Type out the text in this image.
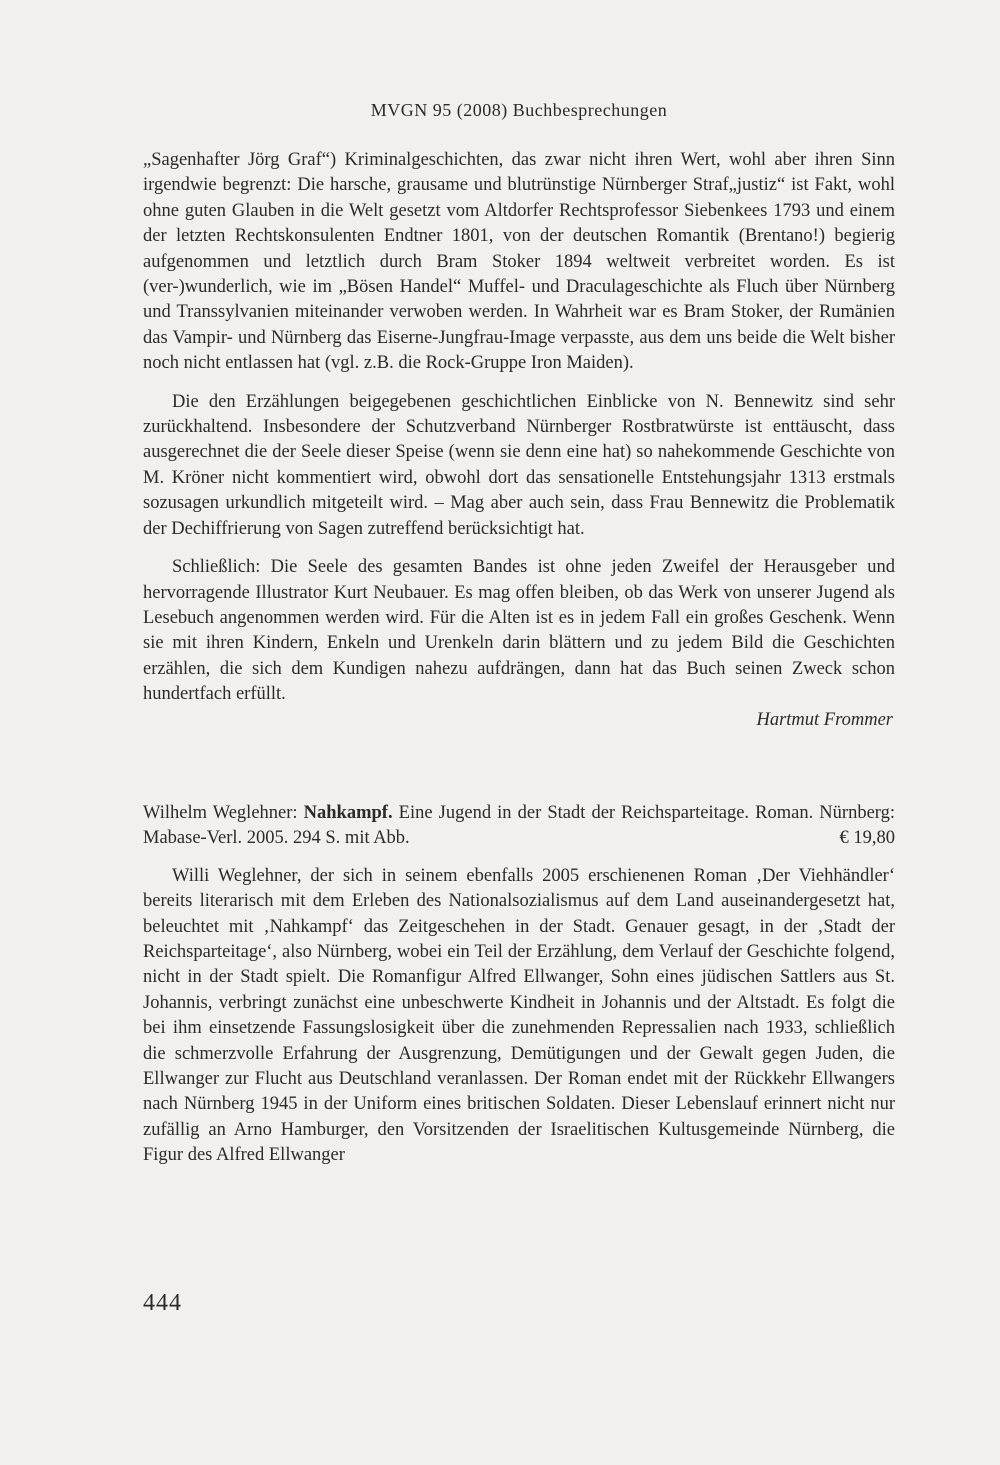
MVGN 95 (2008) Buchbesprechungen

„Sagenhafter Jörg Graf“) Kriminalgeschichten, das zwar nicht ihren Wert, wohl aber ihren Sinn irgendwie begrenzt: Die harsche, grausame und blutrünstige Nürnberger Straf„justiz“ ist Fakt, wohl ohne guten Glauben in die Welt gesetzt vom Altdorfer Rechtsprofessor Siebenkees 1793 und einem der letzten Rechtskonsulenten Endtner 1801, von der deutschen Romantik (Brentano!) begierig aufgenommen und letztlich durch Bram Stoker 1894 weltweit verbreitet worden. Es ist (ver-)wunderlich, wie im „Bösen Handel“ Muffel- und Draculageschichte als Fluch über Nürnberg und Transsylvanien miteinander verwoben werden. In Wahrheit war es Bram Stoker, der Rumänien das Vampir- und Nürnberg das Eiserne-Jungfrau-Image verpasste, aus dem uns beide die Welt bisher noch nicht entlassen hat (vgl. z.B. die Rock-Gruppe Iron Maiden).

Die den Erzählungen beigegebenen geschichtlichen Einblicke von N. Bennewitz sind sehr zurückhaltend. Insbesondere der Schutzverband Nürnberger Rostbratwürste ist enttäuscht, dass ausgerechnet die der Seele dieser Speise (wenn sie denn eine hat) so nahekommende Geschichte von M. Kröner nicht kommentiert wird, obwohl dort das sensationelle Entstehungsjahr 1313 erstmals sozusagen urkundlich mitgeteilt wird. – Mag aber auch sein, dass Frau Bennewitz die Problematik der Dechiffrierung von Sagen zutreffend berücksichtigt hat.

Schließlich: Die Seele des gesamten Bandes ist ohne jeden Zweifel der Herausgeber und hervorragende Illustrator Kurt Neubauer. Es mag offen bleiben, ob das Werk von unserer Jugend als Lesebuch angenommen werden wird. Für die Alten ist es in jedem Fall ein großes Geschenk. Wenn sie mit ihren Kindern, Enkeln und Urenkeln darin blättern und zu jedem Bild die Geschichten erzählen, die sich dem Kundigen nahezu aufdrängen, dann hat das Buch seinen Zweck schon hundertfach erfüllt.

Hartmut Frommer

Wilhelm Weglehner: Nahkampf. Eine Jugend in der Stadt der Reichsparteitage. Roman. Nürnberg: Mabase-Verl. 2005. 294 S. mit Abb.	€ 19,80

Willi Weglehner, der sich in seinem ebenfalls 2005 erschienenen Roman ‚Der Viehhändler‘ bereits literarisch mit dem Erleben des Nationalsozialismus auf dem Land auseinandergesetzt hat, beleuchtet mit ‚Nahkampf‘ das Zeitgeschehen in der Stadt. Genauer gesagt, in der ‚Stadt der Reichsparteitage‘, also Nürnberg, wobei ein Teil der Erzählung, dem Verlauf der Geschichte folgend, nicht in der Stadt spielt. Die Romanfigur Alfred Ellwanger, Sohn eines jüdischen Sattlers aus St. Johannis, verbringt zunächst eine unbeschwerte Kindheit in Johannis und der Altstadt. Es folgt die bei ihm einsetzende Fassungslosigkeit über die zunehmenden Repressalien nach 1933, schließlich die schmerzvolle Erfahrung der Ausgrenzung, Demütigungen und der Gewalt gegen Juden, die Ellwanger zur Flucht aus Deutschland veranlassen. Der Roman endet mit der Rückkehr Ellwangers nach Nürnberg 1945 in der Uniform eines britischen Soldaten. Dieser Lebenslauf erinnert nicht nur zufällig an Arno Hamburger, den Vorsitzenden der Israelitischen Kultusgemeinde Nürnberg, die Figur des Alfred Ellwanger

444
